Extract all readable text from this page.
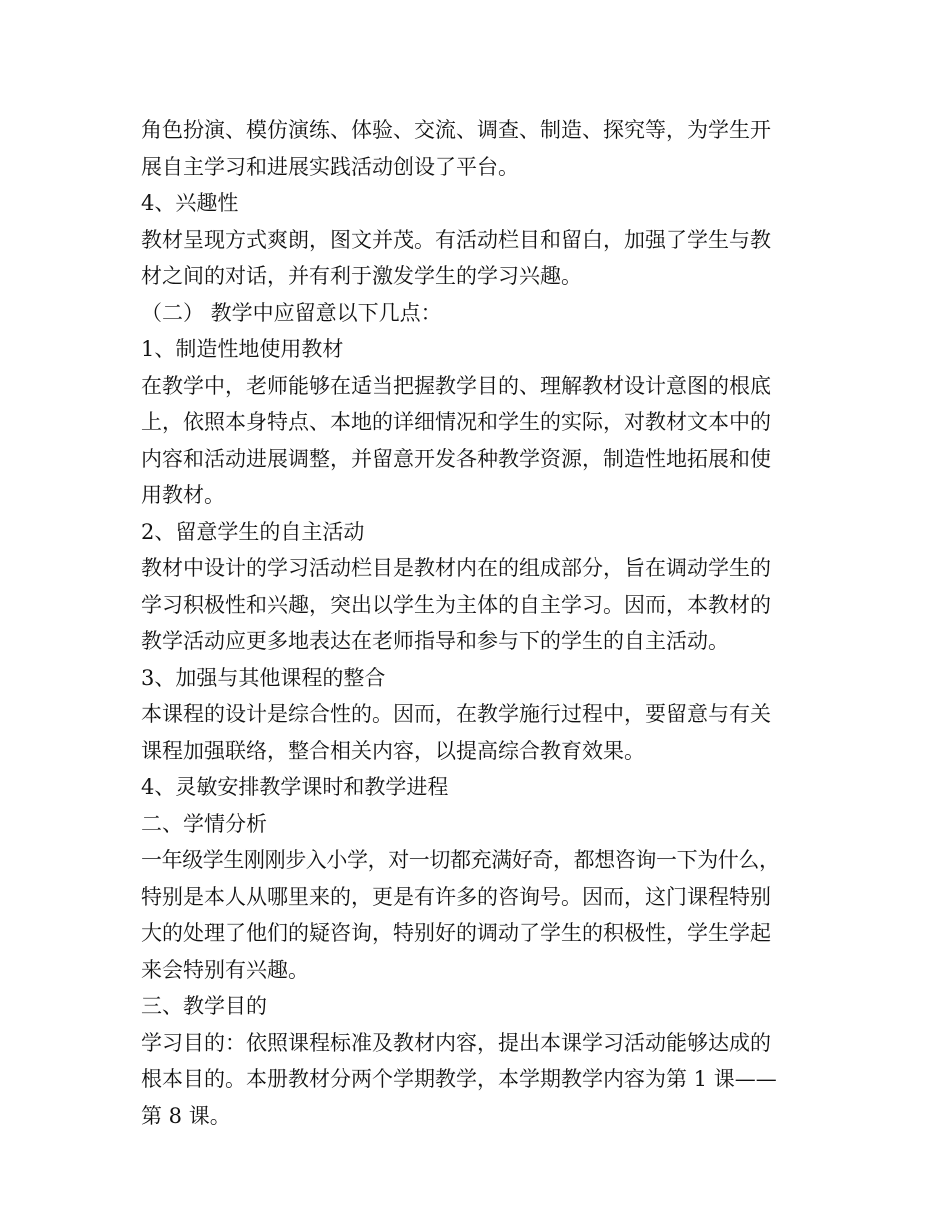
角色扮演、模仿演练、体验、交流、调查、制造、探究等，为学生开
展自主学习和进展实践活动创设了平台。
4、兴趣性
教材呈现方式爽朗，图文并茂。有活动栏目和留白，加强了学生与教
材之间的对话，并有利于激发学生的学习兴趣。
（二） 教学中应留意以下几点：
1、制造性地使用教材
在教学中，老师能够在适当把握教学目的、理解教材设计意图的根底
上，依照本身特点、本地的详细情况和学生的实际，对教材文本中的
内容和活动进展调整，并留意开发各种教学资源，制造性地拓展和使
用教材。
2、留意学生的自主活动
教材中设计的学习活动栏目是教材内在的组成部分，旨在调动学生的
学习积极性和兴趣，突出以学生为主体的自主学习。因而，本教材的
教学活动应更多地表达在老师指导和参与下的学生的自主活动。
3、加强与其他课程的整合
本课程的设计是综合性的。因而，在教学施行过程中，要留意与有关
课程加强联络，整合相关内容，以提高综合教育效果。
4、灵敏安排教学课时和教学进程
二、学情分析
一年级学生刚刚步入小学，对一切都充满好奇，都想咨询一下为什么，
特别是本人从哪里来的，更是有许多的咨询号。因而，这门课程特别
大的处理了他们的疑咨询，特别好的调动了学生的积极性，学生学起
来会特别有兴趣。
三、教学目的
学习目的：依照课程标准及教材内容，提出本课学习活动能够达成的
根本目的。本册教材分两个学期教学，本学期教学内容为第 1 课——
第 8 课。
